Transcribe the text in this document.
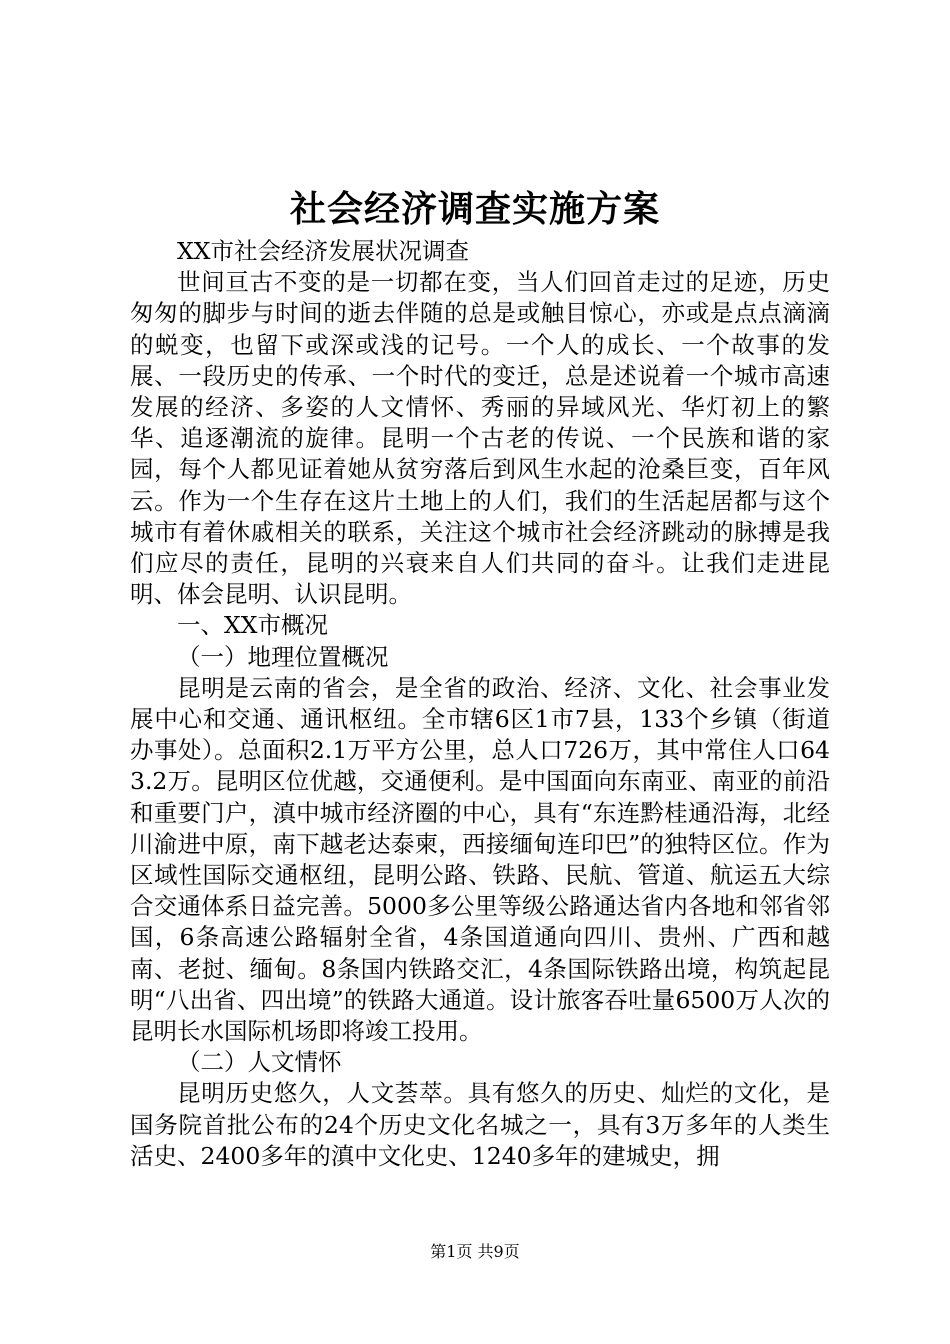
社会经济调查实施方案

XX市社会经济发展状况调查

世间亘古不变的是一切都在变，当人们回首走过的足迹，历史匆匆的脚步与时间的逝去伴随的总是或触目惊心，亦或是点点滴滴的蜕变，也留下或深或浅的记号。一个人的成长、一个故事的发展、一段历史的传承、一个时代的变迁，总是述说着一个城市高速发展的经济、多姿的人文情怀、秀丽的异域风光、华灯初上的繁华、追逐潮流的旋律。昆明一个古老的传说、一个民族和谐的家园，每个人都见证着她从贫穷落后到风生水起的沧桑巨变，百年风云。作为一个生存在这片土地上的人们，我们的生活起居都与这个城市有着休戚相关的联系，关注这个城市社会经济跳动的脉搏是我们应尽的责任，昆明的兴衰来自人们共同的奋斗。让我们走进昆明、体会昆明、认识昆明。

一、XX市概况

（一）地理位置概况

昆明是云南的省会，是全省的政治、经济、文化、社会事业发展中心和交通、通讯枢纽。全市辖6区1市7县，133个乡镇（街道办事处）。总面积2.1万平方公里，总人口726万，其中常住人口643.2万。昆明区位优越，交通便利。是中国面向东南亚、南亚的前沿和重要门户，滇中城市经济圈的中心，具有“东连黔桂通沿海，北经川渝进中原，南下越老达泰柬，西接缅甸连印巴”的独特区位。作为区域性国际交通枢纽，昆明公路、铁路、民航、管道、航运五大综合交通体系日益完善。5000多公里等级公路通达省内各地和邻省邻国，6条高速公路辐射全省，4条国道通向四川、贵州、广西和越南、老挝、缅甸。8条国内铁路交汇，4条国际铁路出境，构筑起昆明“八出省、四出境”的铁路大通道。设计旅客吞吐量6500万人次的昆明长水国际机场即将竣工投用。

（二）人文情怀

昆明历史悠久，人文荟萃。具有悠久的历史、灿烂的文化，是国务院首批公布的24个历史文化名城之一，具有3万多年的人类生活史、2400多年的滇中文化史、1240多年的建城史，拥

第1页 共9页
